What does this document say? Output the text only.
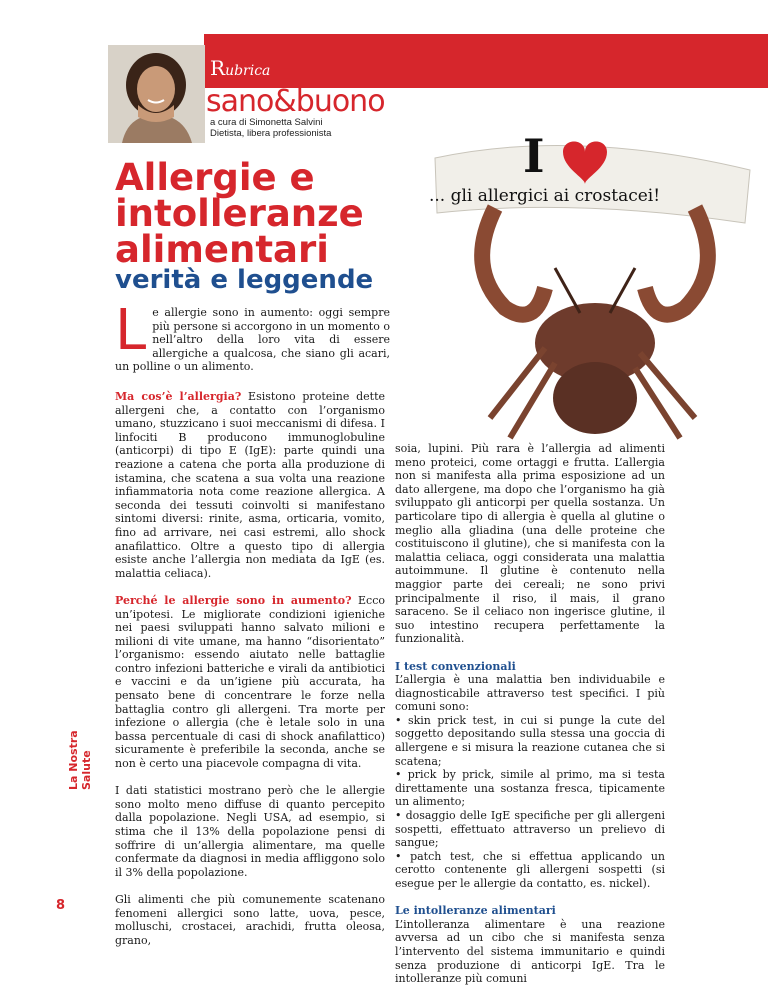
Rubrica
sano&buono
a cura di Simonetta Salvini
Dietista, libera professionista
Allergie e
intolleranze
alimentari
verità e leggende
I
... gli allergici ai crostacei!
L e allergie sono in aumento: oggi sempre più persone si accorgono in un momento o nell’altro della loro vita di essere allergiche a qualcosa, che siano gli acari, un polline o un alimento.

Ma cos’è l’allergia? Esistono proteine dette allergeni che, a contatto con l’organismo umano, stuzzicano i suoi meccanismi di difesa. I linfociti B producono immunoglobuline (anticorpi) di tipo E (IgE): parte quindi una reazione a catena che porta alla produzione di istamina, che scatena a sua volta una reazione infiammatoria nota come reazione allergica. A seconda dei tessuti coinvolti si manifestano sintomi diversi: rinite, asma, orticaria, vomito, fino ad arrivare, nei casi estremi, allo shock anafilattico. Oltre a questo tipo di allergia esiste anche l’allergia non mediata da IgE (es. malattia celiaca).

Perché le allergie sono in aumento? Ecco un’ipotesi. Le migliorate condizioni igieniche nei paesi sviluppati hanno salvato milioni e milioni di vite umane, ma hanno “disorientato” l’organismo: essendo aiutato nelle battaglie contro infezioni batteriche e virali da antibiotici e vaccini e da un’igiene più accurata, ha pensato bene di concentrare le forze nella battaglia contro gli allergeni. Tra morte per infezione o allergia (che è letale solo in una bassa percentuale di casi di shock anafilattico) sicuramente è preferibile la seconda, anche se non è certo una piacevole compagna di vita.

I dati statistici mostrano però che le allergie sono molto meno diffuse di quanto percepito dalla popolazione. Negli USA, ad esempio, si stima che il 13% della popolazione pensi di soffrire di un’allergia alimentare, ma quelle confermate da diagnosi in media affliggono solo il 3% della popolazione.

Gli alimenti che più comunemente scatenano fenomeni allergici sono latte, uova, pesce, molluschi, crostacei, arachidi, frutta oleosa, grano,

soia, lupini. Più rara è l’allergia ad alimenti meno proteici, come ortaggi e frutta. L’allergia non si manifesta alla prima esposizione ad un dato allergene, ma dopo che l’organismo ha già sviluppato gli anticorpi per quella sostanza. Un particolare tipo di allergia è quella al glutine o meglio alla gliadina (una delle proteine che costituiscono il glutine), che si manifesta con la malattia celiaca, oggi considerata una malattia autoimmune. Il glutine è contenuto nella maggior parte dei cereali; ne sono privi principalmente il riso, il mais, il grano saraceno. Se il celiaco non ingerisce glutine, il suo intestino recupera perfettamente la funzionalità.

I test convenzionali

L’allergia è una malattia ben individuabile e diagnosticabile attraverso test specifici. I più comuni sono:

• skin prick test, in cui si punge la cute del soggetto depositando sulla stessa una goccia di allergene e si misura la reazione cutanea che si scatena;

• prick by prick, simile al primo, ma si testa direttamente una sostanza fresca, tipicamente un alimento;

• dosaggio delle IgE specifiche per gli allergeni sospetti, effettuato attraverso un prelievo di sangue;

• patch test, che si effettua applicando un cerotto contenente gli allergeni sospetti (si esegue per le allergie da contatto, es. nickel).

Le intolleranze alimentari

L’intolleranza alimentare è una reazione avversa ad un cibo che si manifesta senza l’intervento del sistema immunitario e quindi senza produzione di anticorpi IgE. Tra le intolleranze più comuni

La Nostra Salute
8
